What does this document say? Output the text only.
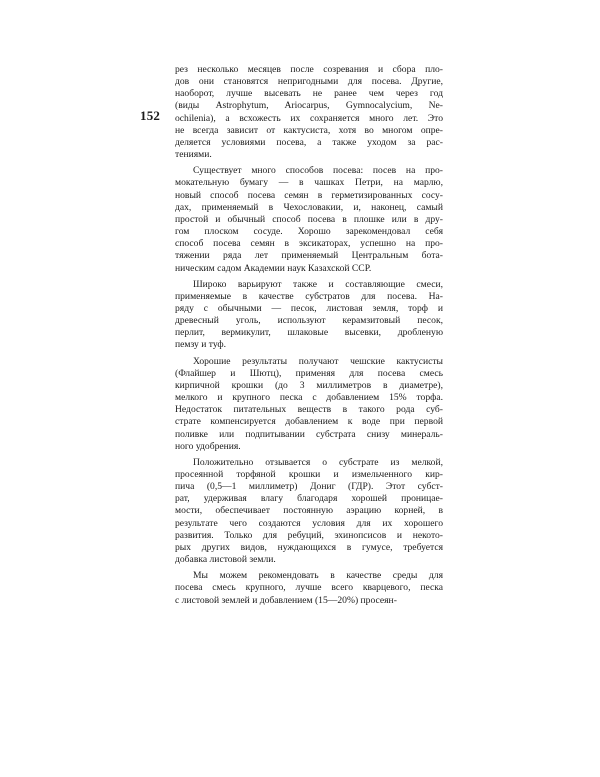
152
рез несколько месяцев после созревания и сбора пло-
дов они становятся непригодными для посева. Другие,
наоборот, лучше высевать не ранее чем через год
(виды Astrophytum, Ariocarpus, Gymnocalycium, Ne-
ochilenia), а всхожесть их сохраняется много лет. Это
не всегда зависит от кактусиста, хотя во многом опре-
деляется условиями посева, а также уходом за рас-
тениями.
Существует много способов посева: посев на про-
мокательную бумагу — в чашках Петри, на марлю,
новый способ посева семян в герметизированных сосу-
дах, применяемый в Чехословакии, и, наконец, самый
простой и обычный способ посева в плошке или в дру-
гом плоском сосуде. Хорошо зарекомендовал себя
способ посева семян в эксикаторах, успешно на про-
тяжении ряда лет применяемый Центральным бота-
ническим садом Академии наук Казахской ССР.
Широко варьируют также и составляющие смеси,
применяемые в качестве субстратов для посева. На-
ряду с обычными — песок, листовая земля, торф и
древесный уголь, используют керамзитовый песок,
перлит, вермикулит, шлаковые высевки, дробленую
пемзу и туф.
Хорошие результаты получают чешские кактусисты
(Флайшер и Шютц), применяя для посева смесь
кирпичной крошки (до 3 миллиметров в диаметре),
мелкого и крупного песка с добавлением 15% торфа.
Недостаток питательных веществ в такого рода суб-
страте компенсируется добавлением к воде при первой
поливке или подпитывании субстрата снизу минераль-
ного удобрения.
Положительно отзывается о субстрате из мелкой,
просеянной торфяной крошки и измельченного кир-
пича (0,5—1 миллиметр) Дониг (ГДР). Этот субст-
рат, удерживая влагу благодаря хорошей проницае-
мости, обеспечивает постоянную аэрацию корней, в
результате чего создаются условия для их хорошего
развития. Только для ребуций, эхинопсисов и некото-
рых других видов, нуждающихся в гумусе, требуется
добавка листовой земли.
Мы можем рекомендовать в качестве среды для
посева смесь крупного, лучше всего кварцевого, песка
с листовой землей и добавлением (15—20%) просеян-
